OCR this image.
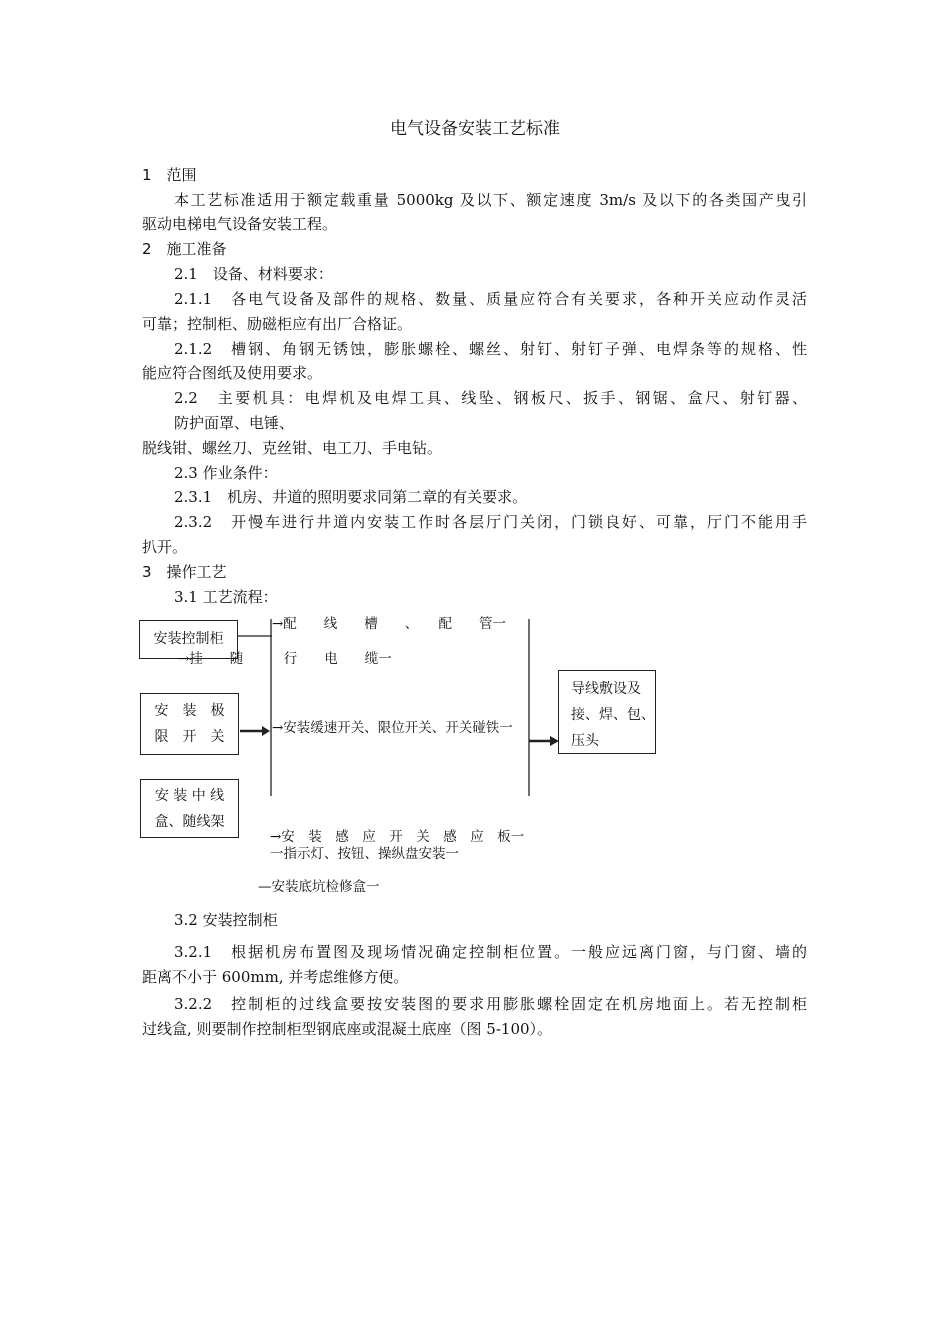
电气设备安装工艺标准
1　范围
本工艺标准适用于额定载重量 5000kg 及以下、额定速度 3m/s 及以下的各类国产曳引
驱动电梯电气设备安装工程。
2　施工准备
2.1　设备、材料要求：
2.1.1　各电气设备及部件的规格、数量、质量应符合有关要求，各种开关应动作灵活
可靠；控制柜、励磁柜应有出厂合格证。
2.1.2　槽钢、角钢无锈蚀，膨胀螺栓、螺丝、射钉、射钉子弹、电焊条等的规格、性
能应符合图纸及使用要求。
2.2　主要机具：电焊机及电焊工具、线坠、钢板尺、扳手、钢锯、盒尺、射钉器、
防护面罩、电锤、
脱线钳、螺丝刀、克丝钳、电工刀、手电钻。
2.3 作业条件：
2.3.1　机房、井道的照明要求同第二章的有关要求。
2.3.2　开慢车进行井道内安装工作时各层厅门关闭，门锁良好、可靠，厅门不能用手
扒开。
3　操作工艺
3.1 工艺流程：
安装控制柜
安　装　极
限　开　关
安 装 中 线
盒、随线架
导线敷设及
接、焊、包、
压头
→配　　线　　槽　　、　　配　　管一
→挂　　随　　　行　　电　　缆一
→安装缓速开关、限位开关、开关碰铁一
→安　装　感　应　开　关　感　应　板一
一指示灯、按钮、操纵盘安装一
—安装底坑检修盒一
3.2 安装控制柜
3.2.1　根据机房布置图及现场情况确定控制柜位置。一般应远离门窗，与门窗、墙的
距离不小于 600mm, 并考虑维修方便。
3.2.2　控制柜的过线盒要按安装图的要求用膨胀螺栓固定在机房地面上。若无控制柜
过线盒, 则要制作控制柜型钢底座或混凝土底座（图 5-100）。
